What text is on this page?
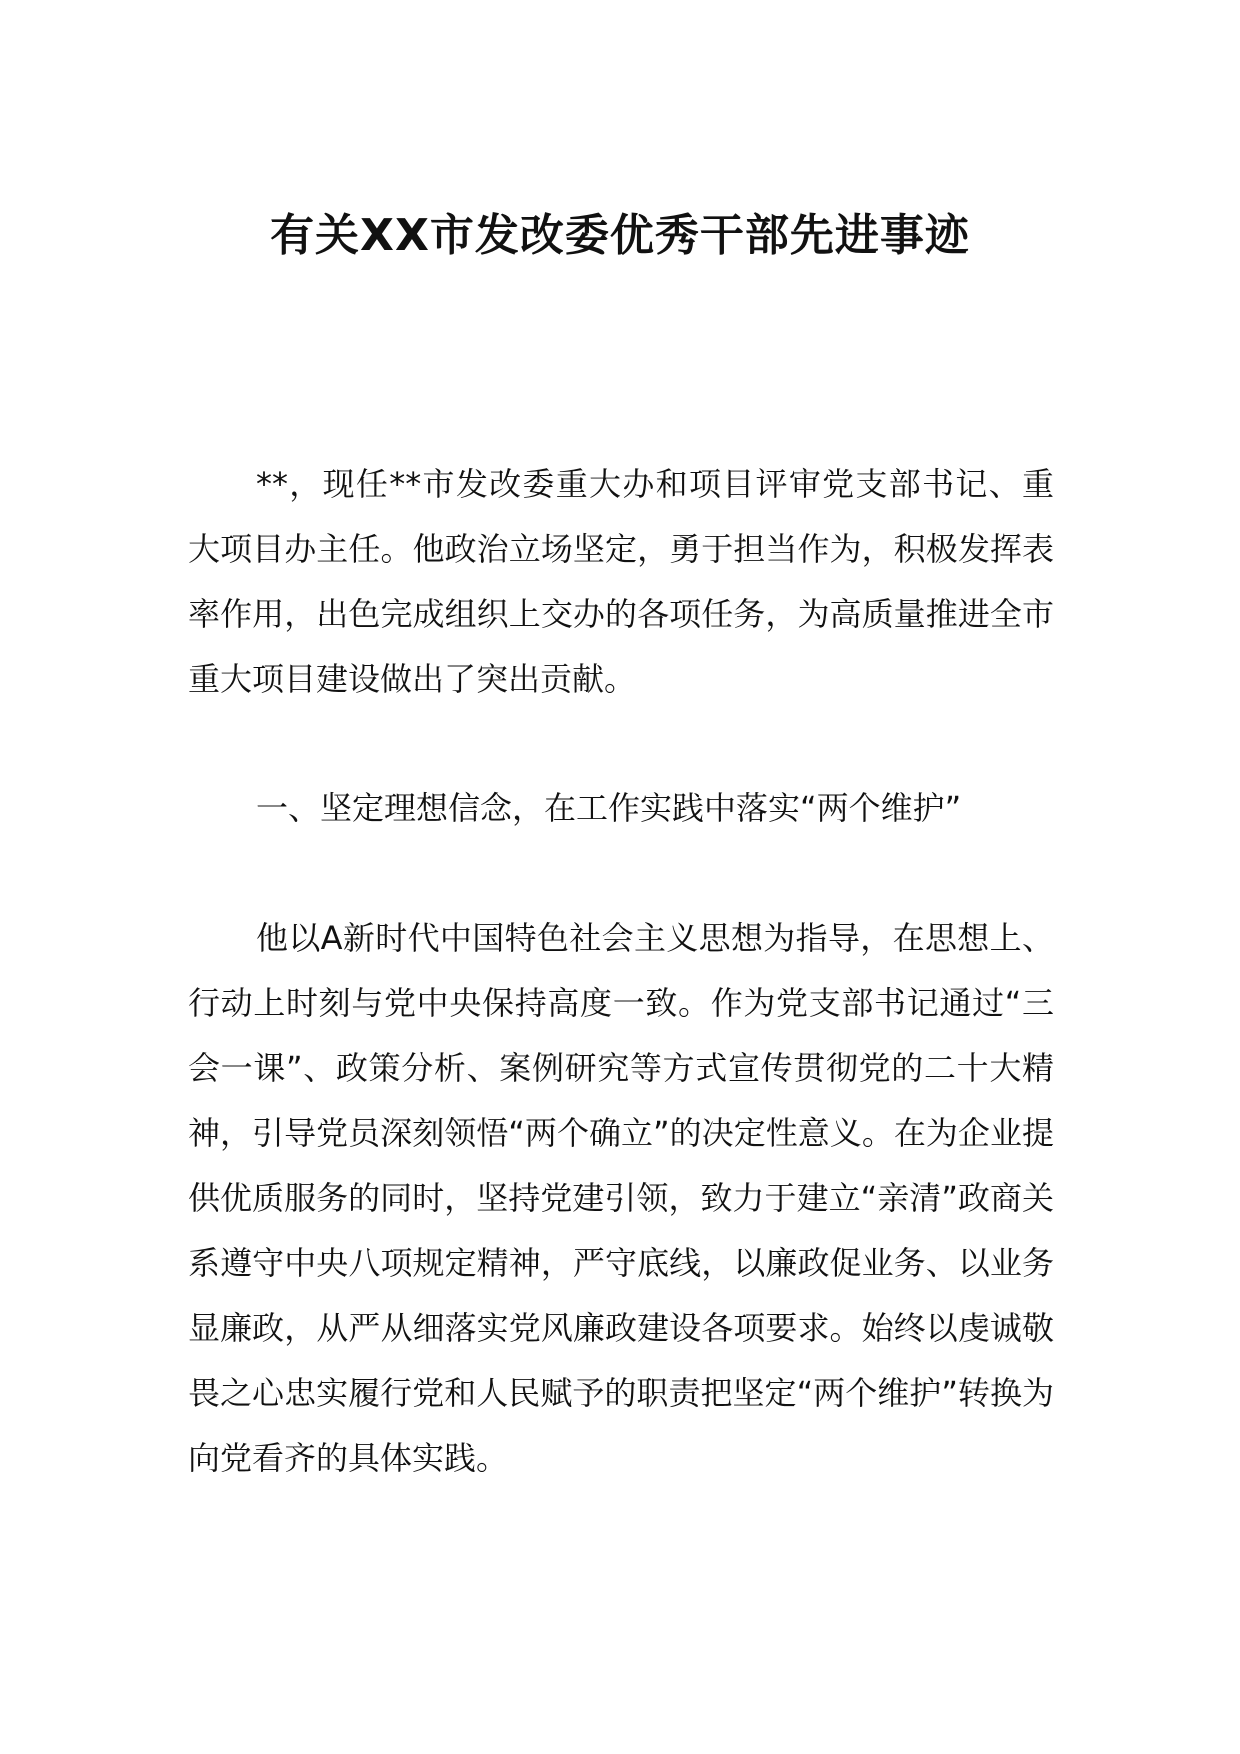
有关XX市发改委优秀干部先进事迹

**，现任**市发改委重大办和项目评审党支部书记、重大项目办主任。他政治立场坚定，勇于担当作为，积极发挥表率作用，出色完成组织上交办的各项任务，为高质量推进全市重大项目建设做出了突出贡献。

一、坚定理想信念，在工作实践中落实“两个维护”

他以A新时代中国特色社会主义思想为指导，在思想上、行动上时刻与党中央保持高度一致。作为党支部书记通过“三会一课”、政策分析、案例研究等方式宣传贯彻党的二十大精神，引导党员深刻领悟“两个确立”的决定性意义。在为企业提供优质服务的同时，坚持党建引领，致力于建立“亲清”政商关系遵守中央八项规定精神，严守底线，以廉政促业务、以业务显廉政，从严从细落实党风廉政建设各项要求。始终以虔诚敬畏之心忠实履行党和人民赋予的职责把坚定“两个维护”转换为向党看齐的具体实践。
